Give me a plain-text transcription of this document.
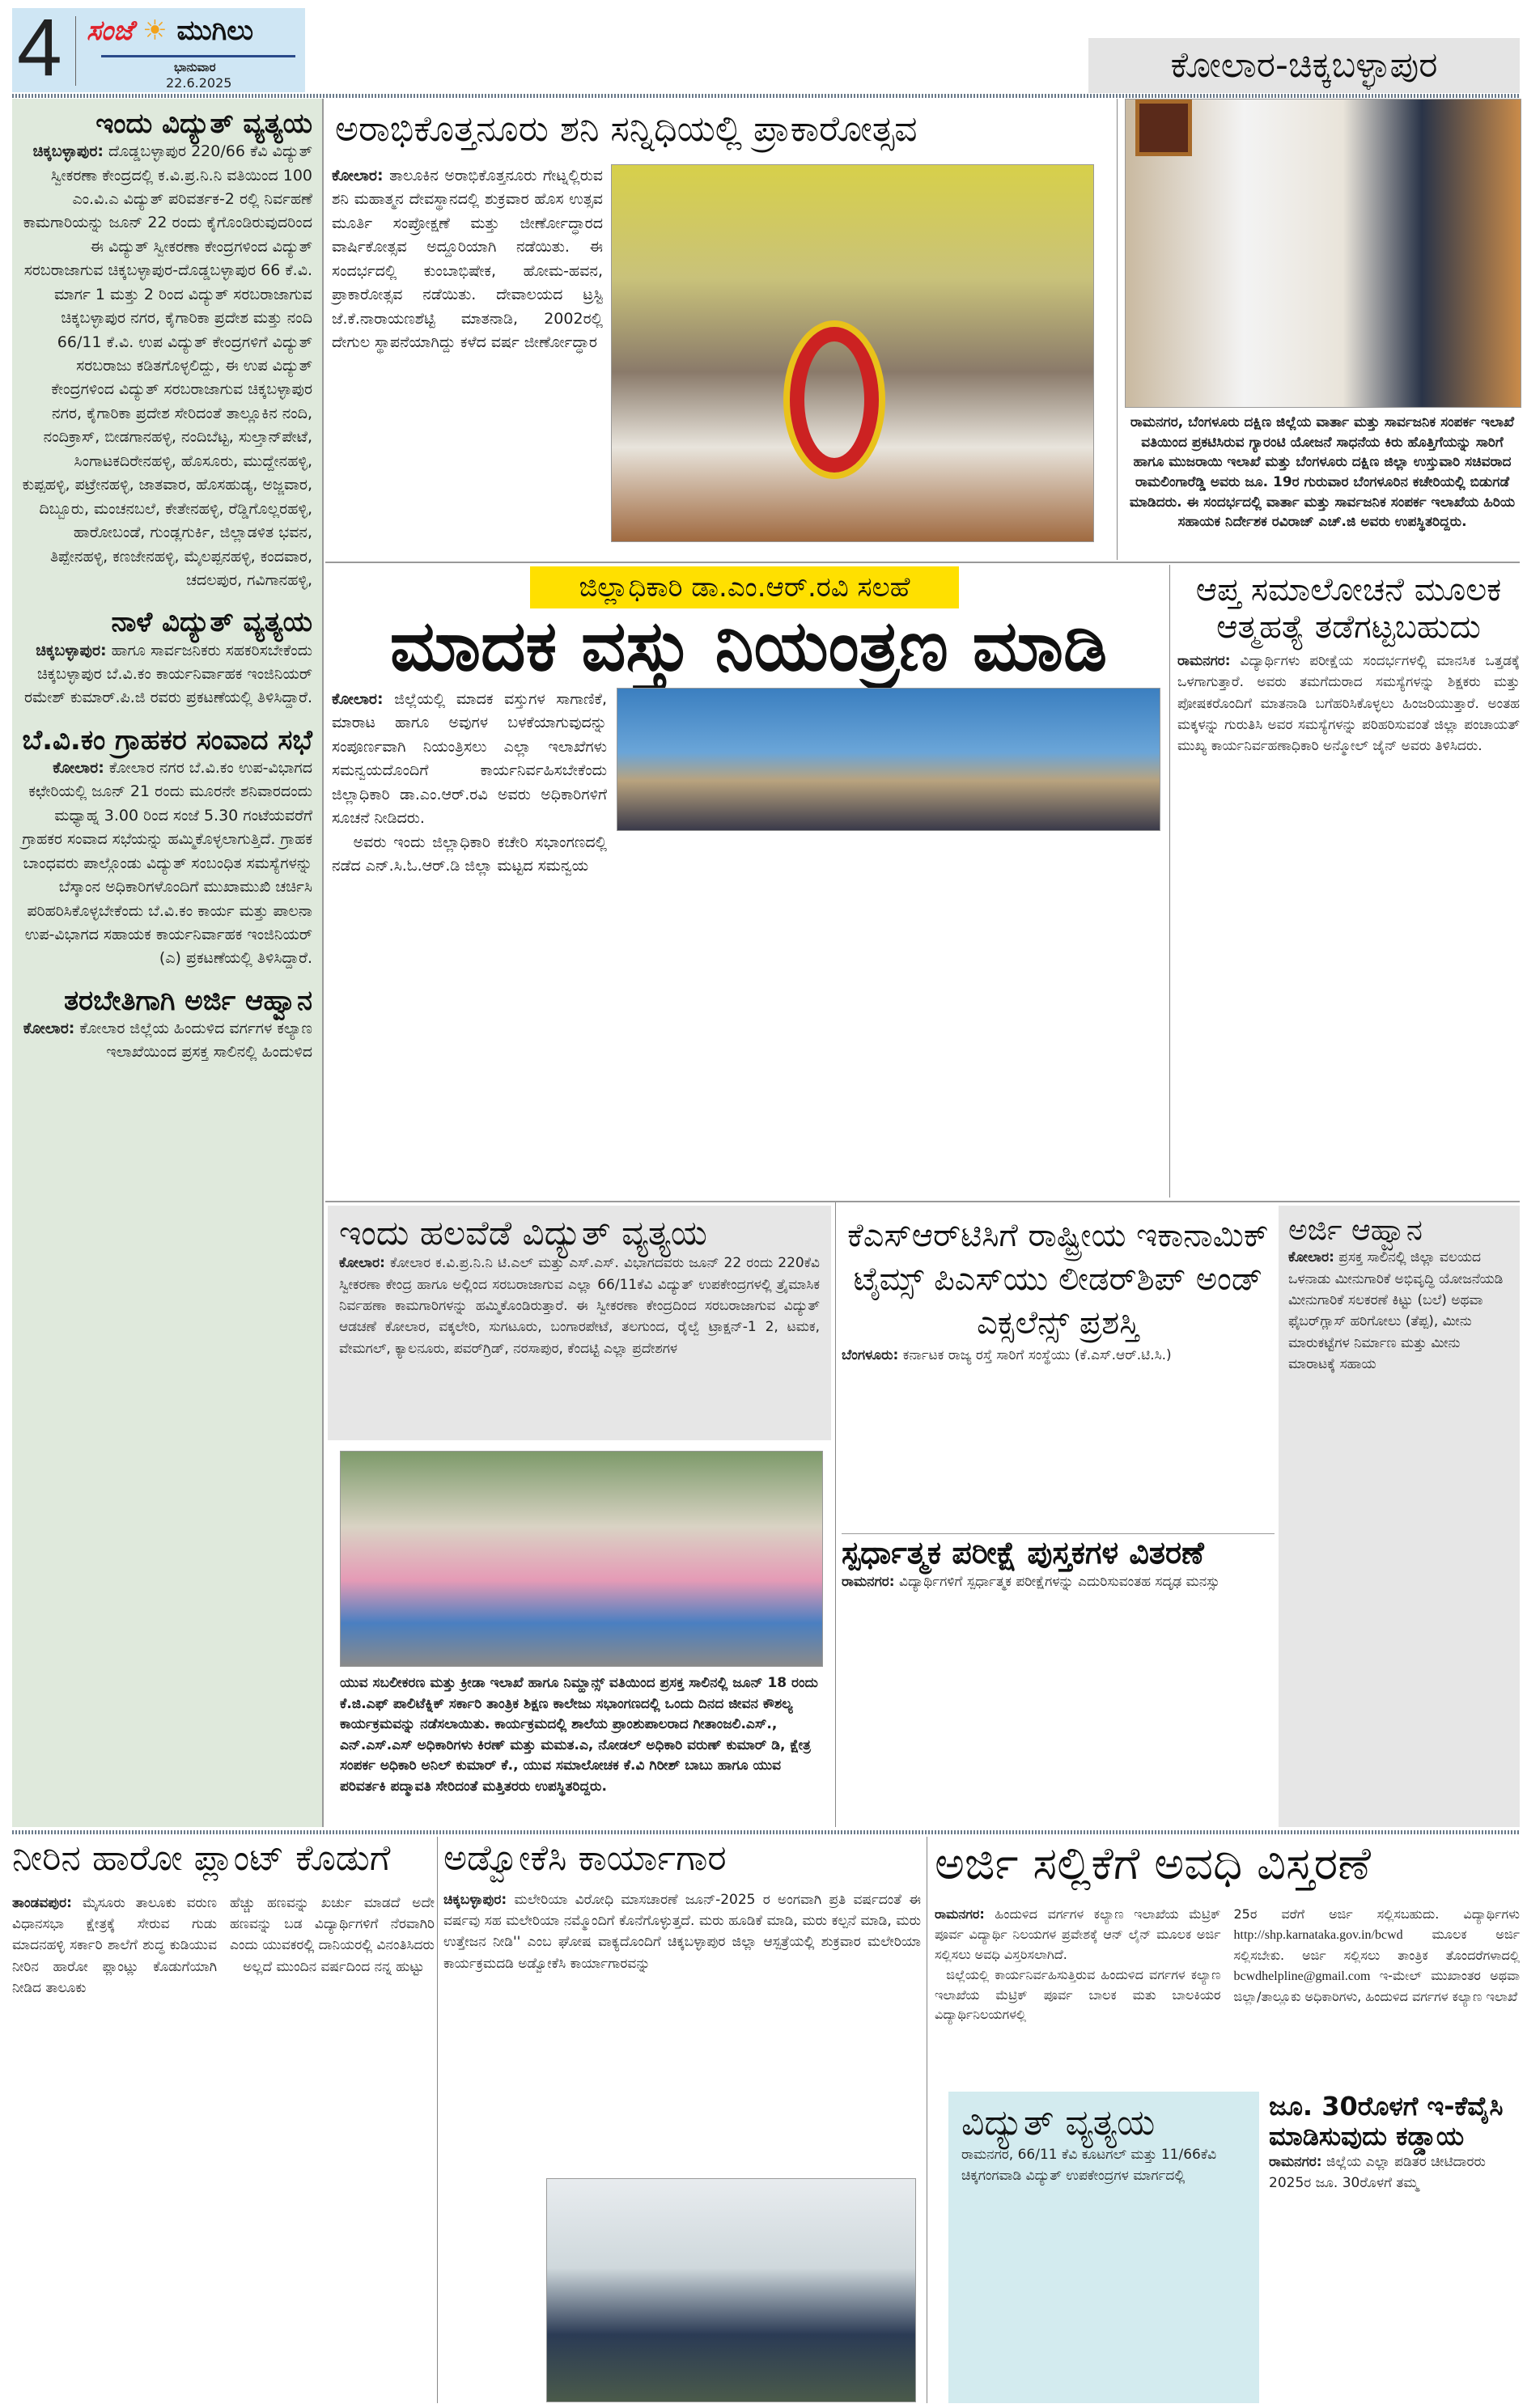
4 ಸಂಜೆ ☀ ಮುಗಿಲು
ಭಾನುವಾರ
22.6.2025	ಕೋಲಾರ-ಚಿಕ್ಕಬಳ್ಳಾಪುರ
ಇಂದು ವಿದ್ಯುತ್ ವ್ಯತ್ಯಯ

ಚಿಕ್ಕಬಳ್ಳಾಪುರ: ದೊಡ್ಡಬಳ್ಳಾಪುರ 220/66 ಕೆವಿ ವಿದ್ಯುತ್ ಸ್ವೀಕರಣಾ ಕೇಂದ್ರದಲ್ಲಿ ಕ.ವಿ.ಪ್ರ.ನಿ.ನಿ ವತಿಯಿಂದ 100 ಎಂ.ವಿ.ಎ ವಿದ್ಯುತ್ ಪರಿವರ್ತಕ-2 ರಲ್ಲಿ ನಿರ್ವಹಣೆ ಕಾಮಗಾರಿಯನ್ನು ಜೂನ್ 22 ರಂದು ಕೈಗೊಂಡಿರುವುದರಿಂದ ಈ ವಿದ್ಯುತ್ ಸ್ವೀಕರಣಾ ಕೇಂದ್ರಗಳಿಂದ ವಿದ್ಯುತ್ ಸರಬರಾಜಾಗುವ ಚಿಕ್ಕಬಳ್ಳಾಪುರ-ದೊಡ್ಡಬಳ್ಳಾಪುರ 66 ಕೆ.ವಿ. ಮಾರ್ಗ 1 ಮತ್ತು 2 ರಿಂದ ವಿದ್ಯುತ್ ಸರಬರಾಜಾಗುವ ಚಿಕ್ಕಬಳ್ಳಾಪುರ ನಗರ, ಕೈಗಾರಿಕಾ ಪ್ರದೇಶ ಮತ್ತು ನಂದಿ 66/11 ಕೆ.ವಿ. ಉಪ ವಿದ್ಯುತ್ ಕೇಂದ್ರಗಳಿಗೆ ವಿದ್ಯುತ್ ಸರಬರಾಜು ಕಡಿತಗೊಳ್ಳಲಿದ್ದು, ಈ ಉಪ ವಿದ್ಯುತ್ ಕೇಂದ್ರಗಳಿಂದ ವಿದ್ಯುತ್ ಸರಬರಾಜಾಗುವ ಚಿಕ್ಕಬಳ್ಳಾಪುರ ನಗರ, ಕೈಗಾರಿಕಾ ಪ್ರದೇಶ ಸೇರಿದಂತೆ ತಾಲ್ಲೂಕಿನ ನಂದಿ, ನಂದಿಕ್ರಾಸ್, ಬೀಡಗಾನಹಳ್ಳಿ, ನಂದಿಬೆಟ್ಟ, ಸುಲ್ತಾನ್‌ಪೇಟೆ, ಸಿಂಗಾಟಕದಿರೇನಹಳ್ಳಿ, ಹೊಸೂರು, ಮುದ್ದೇನಹಳ್ಳಿ, ಕುಪ್ಪಹಳ್ಳಿ, ಪಟ್ರೇನಹಳ್ಳಿ, ಜಾತವಾರ, ಹೊಸಹುಡ್ಯ, ಅಜ್ಜವಾರ, ದಿಬ್ಬೂರು, ಮಂಚನಬಲೆ, ಕೇತೇನಹಳ್ಳಿ, ರೆಡ್ಡಿಗೊಲ್ಲರಹಳ್ಳಿ, ಹಾರೋಬಂಡೆ, ಗುಂಡ್ಲಗುರ್ಕಿ, ಜಿಲ್ಲಾಡಳಿತ ಭವನ, ತಿಪ್ಪೇನಹಳ್ಳಿ, ಕಣಜೇನಹಳ್ಳಿ, ಮೈಲಪ್ಪನಹಳ್ಳಿ, ಕಂದವಾರ, ಚದಲಪುರ, ಗವಿಗಾನಹಳ್ಳಿ,

ನಾಳೆ ವಿದ್ಯುತ್ ವ್ಯತ್ಯಯ

ಚಿಕ್ಕಬಳ್ಳಾಪುರ: ಹಾಗೂ ಸಾರ್ವಜನಿಕರು ಸಹಕರಿಸಬೇಕೆಂದು ಚಿಕ್ಕಬಳ್ಳಾಪುರ ಬೆ.ವಿ.ಕಂ ಕಾರ್ಯನಿರ್ವಾಹಕ ಇಂಜಿನಿಯರ್ ರಮೇಶ್ ಕುಮಾರ್.ಪಿ.ಜಿ ರವರು ಪ್ರಕಟಣೆಯಲ್ಲಿ ತಿಳಿಸಿದ್ದಾರೆ.

ಬೆ.ವಿ.ಕಂ ಗ್ರಾಹಕರ ಸಂವಾದ ಸಭೆ

ಕೋಲಾರ: ಕೋಲಾರ ನಗರ ಬೆ.ವಿ.ಕಂ ಉಪ-ವಿಭಾಗದ ಕಛೇರಿಯಲ್ಲಿ ಜೂನ್ 21 ರಂದು ಮೂರನೇ ಶನಿವಾರದಂದು ಮಧ್ಯಾಹ್ನ 3.00 ರಿಂದ ಸಂಜೆ 5.30 ಗಂಟೆಯವರೆಗೆ ಗ್ರಾಹಕರ ಸಂವಾದ ಸಭೆಯನ್ನು ಹಮ್ಮಿಕೊಳ್ಳಲಾಗುತ್ತಿದೆ. ಗ್ರಾಹಕ ಬಾಂಧವರು ಪಾಲ್ಗೊಂಡು ವಿದ್ಯುತ್ ಸಂಬಂಧಿತ ಸಮಸ್ಯೆಗಳನ್ನು ಬೆಸ್ಕಾಂನ ಅಧಿಕಾರಿಗಳೊಂದಿಗೆ ಮುಖಾಮುಖಿ ಚರ್ಚಿಸಿ ಪರಿಹರಿಸಿಕೊಳ್ಳಬೇಕೆಂದು ಬೆ.ವಿ.ಕಂ ಕಾರ್ಯ ಮತ್ತು ಪಾಲನಾ ಉಪ-ವಿಭಾಗದ ಸಹಾಯಕ ಕಾರ್ಯನಿರ್ವಾಹಕ ಇಂಜಿನಿಯರ್ (ಎ) ಪ್ರಕಟಣೆಯಲ್ಲಿ ತಿಳಿಸಿದ್ದಾರೆ.

ತರಬೇತಿಗಾಗಿ ಅರ್ಜಿ ಆಹ್ವಾನ

ಕೋಲಾರ: ಕೋಲಾರ ಜಿಲ್ಲೆಯ ಹಿಂದುಳಿದ ವರ್ಗಗಳ ಕಲ್ಯಾಣ ಇಲಾಖೆಯಿಂದ ಪ್ರಸಕ್ತ ಸಾಲಿನಲ್ಲಿ ಹಿಂದುಳಿದ

ಅರಾಭಿಕೊತ್ತನೂರು ಶನಿ ಸನ್ನಿಧಿಯಲ್ಲಿ ಪ್ರಾಕಾರೋತ್ಸವ

ಕೋಲಾರ: ತಾಲೂಕಿನ ಅರಾಭಿಕೊತ್ತನೂರು ಗೇಟ್ನಲ್ಲಿರುವ ಶನಿ ಮಹಾತ್ಮನ ದೇವಸ್ಥಾನದಲ್ಲಿ ಶುಕ್ರವಾರ ಹೊಸ ಉತ್ಸವ ಮೂರ್ತಿ ಸಂಪ್ರೋಕ್ಷಣೆ ಮತ್ತು ಜೀರ್ಣೋದ್ಧಾರದ ವಾರ್ಷಿಕೋತ್ಸವ ಅದ್ದೂರಿಯಾಗಿ ನಡೆಯಿತು. ಈ ಸಂದರ್ಭದಲ್ಲಿ ಕುಂಬಾಭಿಷೇಕ, ಹೋಮ-ಹವನ, ಪ್ರಾಕಾರೋತ್ಸವ ನಡೆಯಿತು. ದೇವಾಲಯದ ಟ್ರಸ್ಟಿ ಜೆ.ಕೆ.ನಾರಾಯಣಶೆಟ್ಟಿ ಮಾತನಾಡಿ, 2002ರಲ್ಲಿ ದೇಗುಲ ಸ್ಥಾಪನೆಯಾಗಿದ್ದು ಕಳೆದ ವರ್ಷ ಜೀರ್ಣೋದ್ಧಾರ

ರಾಮನಗರ, ಬೆಂಗಳೂರು ದಕ್ಷಿಣ ಜಿಲ್ಲೆಯ ವಾರ್ತಾ ಮತ್ತು ಸಾರ್ವಜನಿಕ ಸಂಪರ್ಕ ಇಲಾಖೆ ವತಿಯಿಂದ ಪ್ರಕಟಿಸಿರುವ ಗ್ಯಾರಂಟಿ ಯೋಜನೆ ಸಾಧನೆಯ ಕಿರು ಹೊತ್ತಿಗೆಯನ್ನು ಸಾರಿಗೆ ಹಾಗೂ ಮುಜರಾಯಿ ಇಲಾಖೆ ಮತ್ತು ಬೆಂಗಳೂರು ದಕ್ಷಿಣ ಜಿಲ್ಲಾ ಉಸ್ತುವಾರಿ ಸಚಿವರಾದ ರಾಮಲಿಂಗಾರೆಡ್ಡಿ ಅವರು ಜೂ. 19ರ ಗುರುವಾರ ಬೆಂಗಳೂರಿನ ಕಚೇರಿಯಲ್ಲಿ ಬಿಡುಗಡೆ ಮಾಡಿದರು. ಈ ಸಂದರ್ಭದಲ್ಲಿ ವಾರ್ತಾ ಮತ್ತು ಸಾರ್ವಜನಿಕ ಸಂಪರ್ಕ ಇಲಾಖೆಯ ಹಿರಿಯ ಸಹಾಯಕ ನಿರ್ದೇಶಕ ರವಿರಾಜ್ ಎಚ್.ಜಿ ಅವರು ಉಪಸ್ಥಿತರಿದ್ದರು.

ಜಿಲ್ಲಾಧಿಕಾರಿ ಡಾ.ಎಂ.ಆರ್.ರವಿ ಸಲಹೆ
ಮಾದಕ ವಸ್ತು ನಿಯಂತ್ರಣ ಮಾಡಿ

ಕೋಲಾರ: ಜಿಲ್ಲೆಯಲ್ಲಿ ಮಾದಕ ವಸ್ತುಗಳ ಸಾಗಾಣಿಕೆ, ಮಾರಾಟ ಹಾಗೂ ಅವುಗಳ ಬಳಕೆಯಾಗುವುದನ್ನು ಸಂಪೂರ್ಣವಾಗಿ ನಿಯಂತ್ರಿಸಲು ಎಲ್ಲಾ ಇಲಾಖೆಗಳು ಸಮನ್ವಯದೊಂದಿಗೆ ಕಾರ್ಯನಿರ್ವಹಿಸಬೇಕೆಂದು ಜಿಲ್ಲಾಧಿಕಾರಿ ಡಾ.ಎಂ.ಆರ್.ರವಿ ಅವರು ಅಧಿಕಾರಿಗಳಿಗೆ ಸೂಚನೆ ನೀಡಿದರು.
ಅವರು ಇಂದು ಜಿಲ್ಲಾಧಿಕಾರಿ ಕಚೇರಿ ಸಭಾಂಗಣದಲ್ಲಿ ನಡೆದ ಎನ್.ಸಿ.ಓ.ಆರ್.ಡಿ ಜಿಲ್ಲಾ ಮಟ್ಟದ ಸಮನ್ವಯ

ಆಪ್ತ ಸಮಾಲೋಚನೆ ಮೂಲಕ ಆತ್ಮಹತ್ಯೆ ತಡೆಗಟ್ಟಬಹುದು

ರಾಮನಗರ: ವಿದ್ಯಾರ್ಥಿಗಳು ಪರೀಕ್ಷೆಯ ಸಂದರ್ಭಗಳಲ್ಲಿ ಮಾನಸಿಕ ಒತ್ತಡಕ್ಕೆ ಒಳಗಾಗುತ್ತಾರೆ. ಅವರು ತಮಗೆದುರಾದ ಸಮಸ್ಯೆಗಳನ್ನು ಶಿಕ್ಷಕರು ಮತ್ತು ಪೋಷಕರೊಂದಿಗೆ ಮಾತನಾಡಿ ಬಗೆಹರಿಸಿಕೊಳ್ಳಲು ಹಿಂಜರಿಯುತ್ತಾರೆ. ಅಂತಹ ಮಕ್ಕಳನ್ನು ಗುರುತಿಸಿ ಅವರ ಸಮಸ್ಯೆಗಳನ್ನು ಪರಿಹರಿಸುವಂತೆ ಜಿಲ್ಲಾ ಪಂಚಾಯತ್ ಮುಖ್ಯ ಕಾರ್ಯನಿರ್ವಹಣಾಧಿಕಾರಿ ಅನ್ಮೋಲ್ ಜೈನ್ ಅವರು ತಿಳಿಸಿದರು.

ಇಂದು ಹಲವೆಡೆ ವಿದ್ಯುತ್ ವ್ಯತ್ಯಯ

ಕೋಲಾರ: ಕೋಲಾರ ಕ.ವಿ.ಪ್ರ.ನಿ.ನಿ ಟಿ.ಎಲ್ ಮತ್ತು ಎಸ್.ಎಸ್. ವಿಭಾಗದವರು ಜೂನ್ 22 ರಂದು 220ಕೆವಿ ಸ್ವೀಕರಣಾ ಕೇಂದ್ರ ಹಾಗೂ ಅಲ್ಲಿಂದ ಸರಬರಾಜಾಗುವ ಎಲ್ಲಾ 66/11ಕೆವಿ ವಿದ್ಯುತ್ ಉಪಕೇಂದ್ರಗಳಲ್ಲಿ ತ್ರೈಮಾಸಿಕ ನಿರ್ವಹಣಾ ಕಾಮಗಾರಿಗಳನ್ನು ಹಮ್ಮಿಕೊಂಡಿರುತ್ತಾರೆ. ಈ ಸ್ವೀಕರಣಾ ಕೇಂದ್ರದಿಂದ ಸರಬರಾಜಾಗುವ ವಿದ್ಯುತ್ ಆಡಚಣೆ ಕೋಲಾರ, ವಕ್ಕಲೇರಿ, ಸುಗಟೂರು, ಬಂಗಾರಪೇಟೆ, ತಲಗುಂದ, ರೈಲ್ವೆ ಟ್ರಾಕ್ಷನ್-1 2, ಟಮಕ, ವೇಮಗಲ್, ಕ್ಯಾಲನೂರು, ಪವರ್‌ಗ್ರಿಡ್, ನರಸಾಪುರ, ಕೆಂದಟ್ಟಿ ಎಲ್ಲಾ ಪ್ರದೇಶಗಳ

ಯುವ ಸಬಲೀಕರಣ ಮತ್ತು ಕ್ರೀಡಾ ಇಲಾಖೆ ಹಾಗೂ ನಿಮ್ಹಾನ್ಸ್ ವತಿಯಿಂದ ಪ್ರಸಕ್ತ ಸಾಲಿನಲ್ಲಿ ಜೂನ್ 18 ರಂದು ಕೆ.ಜಿ.ಎಫ್ ಪಾಲಿಟೆಕ್ನಿಕ್ ಸರ್ಕಾರಿ ತಾಂತ್ರಿಕ ಶಿಕ್ಷಣ ಕಾಲೇಜು ಸಭಾಂಗಣದಲ್ಲಿ ಒಂದು ದಿನದ ಜೀವನ ಕೌಶಲ್ಯ ಕಾರ್ಯಕ್ರಮವನ್ನು ನಡೆಸಲಾಯಿತು. ಕಾರ್ಯಕ್ರಮದಲ್ಲಿ ಶಾಲೆಯ ಪ್ರಾಂಶುಪಾಲರಾದ ಗೀತಾಂಜಲಿ.ಎಸ್., ಎನ್.ಎಸ್.ಎಸ್ ಅಧಿಕಾರಿಗಳು ಕಿರಣ್ ಮತ್ತು ಮಮತ.ಎ, ನೋಡಲ್ ಅಧಿಕಾರಿ ವರುಣ್ ಕುಮಾರ್ ಡಿ, ಕ್ಷೇತ್ರ ಸಂಪರ್ಕ ಅಧಿಕಾರಿ ಅನಿಲ್ ಕುಮಾರ್ ಕೆ., ಯುವ ಸಮಾಲೋಚಕ ಕೆ.ವಿ ಗಿರೀಶ್ ಬಾಬು ಹಾಗೂ ಯುವ ಪರಿವರ್ತಕಿ ಪದ್ಮಾವತಿ ಸೇರಿದಂತೆ ಮತ್ತಿತರರು ಉಪಸ್ಥಿತರಿದ್ದರು.

ಕೆಎಸ್‌ಆರ್‌ಟಿಸಿಗೆ ರಾಷ್ಟ್ರೀಯ ಇಕಾನಾಮಿಕ್ ಟೈಮ್ಸ್ ಪಿಎಸ್‌ಯು ಲೀಡರ್‌ಶಿಪ್ ಅಂಡ್ ಎಕ್ಸಲೆನ್ಸ್ ಪ್ರಶಸ್ತಿ

ಬೆಂಗಳೂರು: ಕರ್ನಾಟಕ ರಾಜ್ಯ ರಸ್ತೆ ಸಾರಿಗೆ ಸಂಸ್ಥೆಯು (ಕೆ.ಎಸ್.ಆರ್.ಟಿ.ಸಿ.)

ಸ್ಪರ್ಧಾತ್ಮಕ ಪರೀಕ್ಷೆ ಪುಸ್ತಕಗಳ ವಿತರಣೆ

ರಾಮನಗರ: ವಿದ್ಯಾರ್ಥಿಗಳಿಗೆ ಸ್ಪರ್ಧಾತ್ಮಕ ಪರೀಕ್ಷೆಗಳನ್ನು ಎದುರಿಸುವಂತಹ ಸದೃಢ ಮನಸ್ಸು

ಅರ್ಜಿ ಆಹ್ವಾನ

ಕೋಲಾರ: ಪ್ರಸಕ್ತ ಸಾಲಿನಲ್ಲಿ ಜಿಲ್ಲಾ ವಲಯದ ಒಳನಾಡು ಮೀನುಗಾರಿಕೆ ಅಭಿವೃದ್ಧಿ ಯೋಜನೆಯಡಿ ಮೀನುಗಾರಿಕೆ ಸಲಕರಣೆ ಕಿಟ್ಟು (ಬಲೆ) ಅಥವಾ ಫೈಬರ್‌ಗ್ಲಾಸ್ ಹರಿಗೋಲು (ತೆಪ್ಪ), ಮೀನು ಮಾರುಕಟ್ಟೆಗಳ ನಿರ್ಮಾಣ ಮತ್ತು ಮೀನು ಮಾರಾಟಕ್ಕೆ ಸಹಾಯ

ನೀರಿನ ಹಾರೋ ಪ್ಲಾಂಟ್ ಕೊಡುಗೆ

ತಾಂಡವಪುರ: ಮೈಸೂರು ತಾಲೂಕು ವರುಣ ವಿಧಾನಸಭಾ ಕ್ಷೇತ್ರಕ್ಕೆ ಸೇರುವ ಗುಡು ಮಾದನಹಳ್ಳಿ ಸರ್ಕಾರಿ ಶಾಲೆಗೆ ಶುದ್ಧ ಕುಡಿಯುವ ನೀರಿನ ಹಾರೋ ಪ್ಲಾಂಟ್ಲು ಕೊಡುಗೆಯಾಗಿ ನೀಡಿದ ತಾಲೂಕು

ಹೆಚ್ಚು ಹಣವನ್ನು ಖರ್ಚು ಮಾಡದೆ ಅದೇ ಹಣವನ್ನು ಬಡ ವಿದ್ಯಾರ್ಥಿಗಳಿಗೆ ನೆರವಾಗಿರಿ ಎಂದು ಯುವಕರಲ್ಲಿ ದಾನಿಯರಲ್ಲಿ ವಿನಂತಿಸಿದರು
ಅಲ್ಲದೆ ಮುಂದಿನ ವರ್ಷದಿಂದ ನನ್ನ ಹುಟ್ಟು

ಅಡ್ವೋಕೆಸಿ ಕಾರ್ಯಾಗಾರ

ಚಿಕ್ಕಬಳ್ಳಾಪುರ: ಮಲೇರಿಯಾ ವಿರೋಧಿ ಮಾಸಚಾರಣೆ ಜೂನ್-2025 ರ ಅಂಗವಾಗಿ ಪ್ರತಿ ವರ್ಷದಂತೆ ಈ ವರ್ಷವು ಸಹ ಮಲೇರಿಯಾ ನಮ್ಮೊಂದಿಗೆ ಕೊನೆಗೊಳ್ಳುತ್ತದೆ. ಮರು ಹೂಡಿಕೆ ಮಾಡಿ, ಮರು ಕಲ್ಪನೆ ಮಾಡಿ, ಮರು ಉತ್ತೇಜನ ನೀಡಿ'' ಎಂಬ ಘೋಷ ವಾಕ್ಯದೊಂದಿಗೆ ಚಿಕ್ಕಬಳ್ಳಾಪುರ ಜಿಲ್ಲಾ ಆಸ್ಪತ್ರೆಯಲ್ಲಿ ಶುಕ್ರವಾರ ಮಲೇರಿಯಾ ಕಾರ್ಯಕ್ರಮದಡಿ ಅಡ್ವೋಕೆಸಿ ಕಾರ್ಯಾಗಾರವನ್ನು

ಅರ್ಜಿ ಸಲ್ಲಿಕೆಗೆ ಅವಧಿ ವಿಸ್ತರಣೆ

ರಾಮನಗರ: ಹಿಂದುಳಿದ ವರ್ಗಗಳ ಕಲ್ಯಾಣ ಇಲಾಖೆಯ ಮೆಟ್ರಿಕ್ ಪೂರ್ವ ವಿದ್ಯಾರ್ಥಿ ನಿಲಯಗಳ ಪ್ರವೇಶಕ್ಕೆ ಆನ್ ಲೈನ್ ಮೂಲಕ ಅರ್ಜಿ ಸಲ್ಲಿಸಲು ಅವಧಿ ವಿಸ್ತರಿಸಲಾಗಿದೆ.
ಜಿಲ್ಲೆಯಲ್ಲಿ ಕಾರ್ಯನಿರ್ವಹಿಸುತ್ತಿರುವ ಹಿಂದುಳಿದ ವರ್ಗಗಳ ಕಲ್ಯಾಣ ಇಲಾಖೆಯ ಮೆಟ್ರಿಕ್ ಪೂರ್ವ ಬಾಲಕ ಮತು ಬಾಲಕಿಯರ ವಿದ್ಯಾರ್ಥಿನಿಲಯಗಳಲ್ಲಿ

25ರ ವರೆಗೆ ಅರ್ಜಿ ಸಲ್ಲಿಸಬಹುದು. ವಿದ್ಯಾರ್ಥಿಗಳು http://shp.karnataka.gov.in/bcwd ಮೂಲಕ ಅರ್ಜಿ ಸಲ್ಲಿಸಬೇಕು. ಅರ್ಜಿ ಸಲ್ಲಿಸಲು ತಾಂತ್ರಿಕ ತೊಂದರೆಗಳಾದಲ್ಲಿ bcwdhelpline@gmail.com ಇ-ಮೇಲ್ ಮುಖಾಂತರ ಅಥವಾ ಜಿಲ್ಲಾ/ತಾಲ್ಲೂಕು ಅಧಿಕಾರಿಗಳು, ಹಿಂದುಳಿದ ವರ್ಗಗಳ ಕಲ್ಯಾಣ ಇಲಾಖೆ

ವಿದ್ಯುತ್ ವ್ಯತ್ಯಯ

ರಾಮನಗರ, 66/11 ಕೆವಿ ಕೂಟಗಲ್ ಮತ್ತು 11/66ಕೆವಿ ಚಿಕ್ಕಗಂಗವಾಡಿ ವಿದ್ಯುತ್ ಉಪಕೇಂದ್ರಗಳ ಮಾರ್ಗದಲ್ಲಿ

ಜೂ. 30ರೊಳಗೆ ಇ-ಕೆವೈಸಿ ಮಾಡಿಸುವುದು ಕಡ್ಡಾಯ

ರಾಮನಗರ: ಜಿಲ್ಲೆಯ ಎಲ್ಲಾ ಪಡಿತರ ಚೀಟಿದಾರರು 2025ರ ಜೂ. 30ರೊಳಗೆ ತಮ್ಮ
